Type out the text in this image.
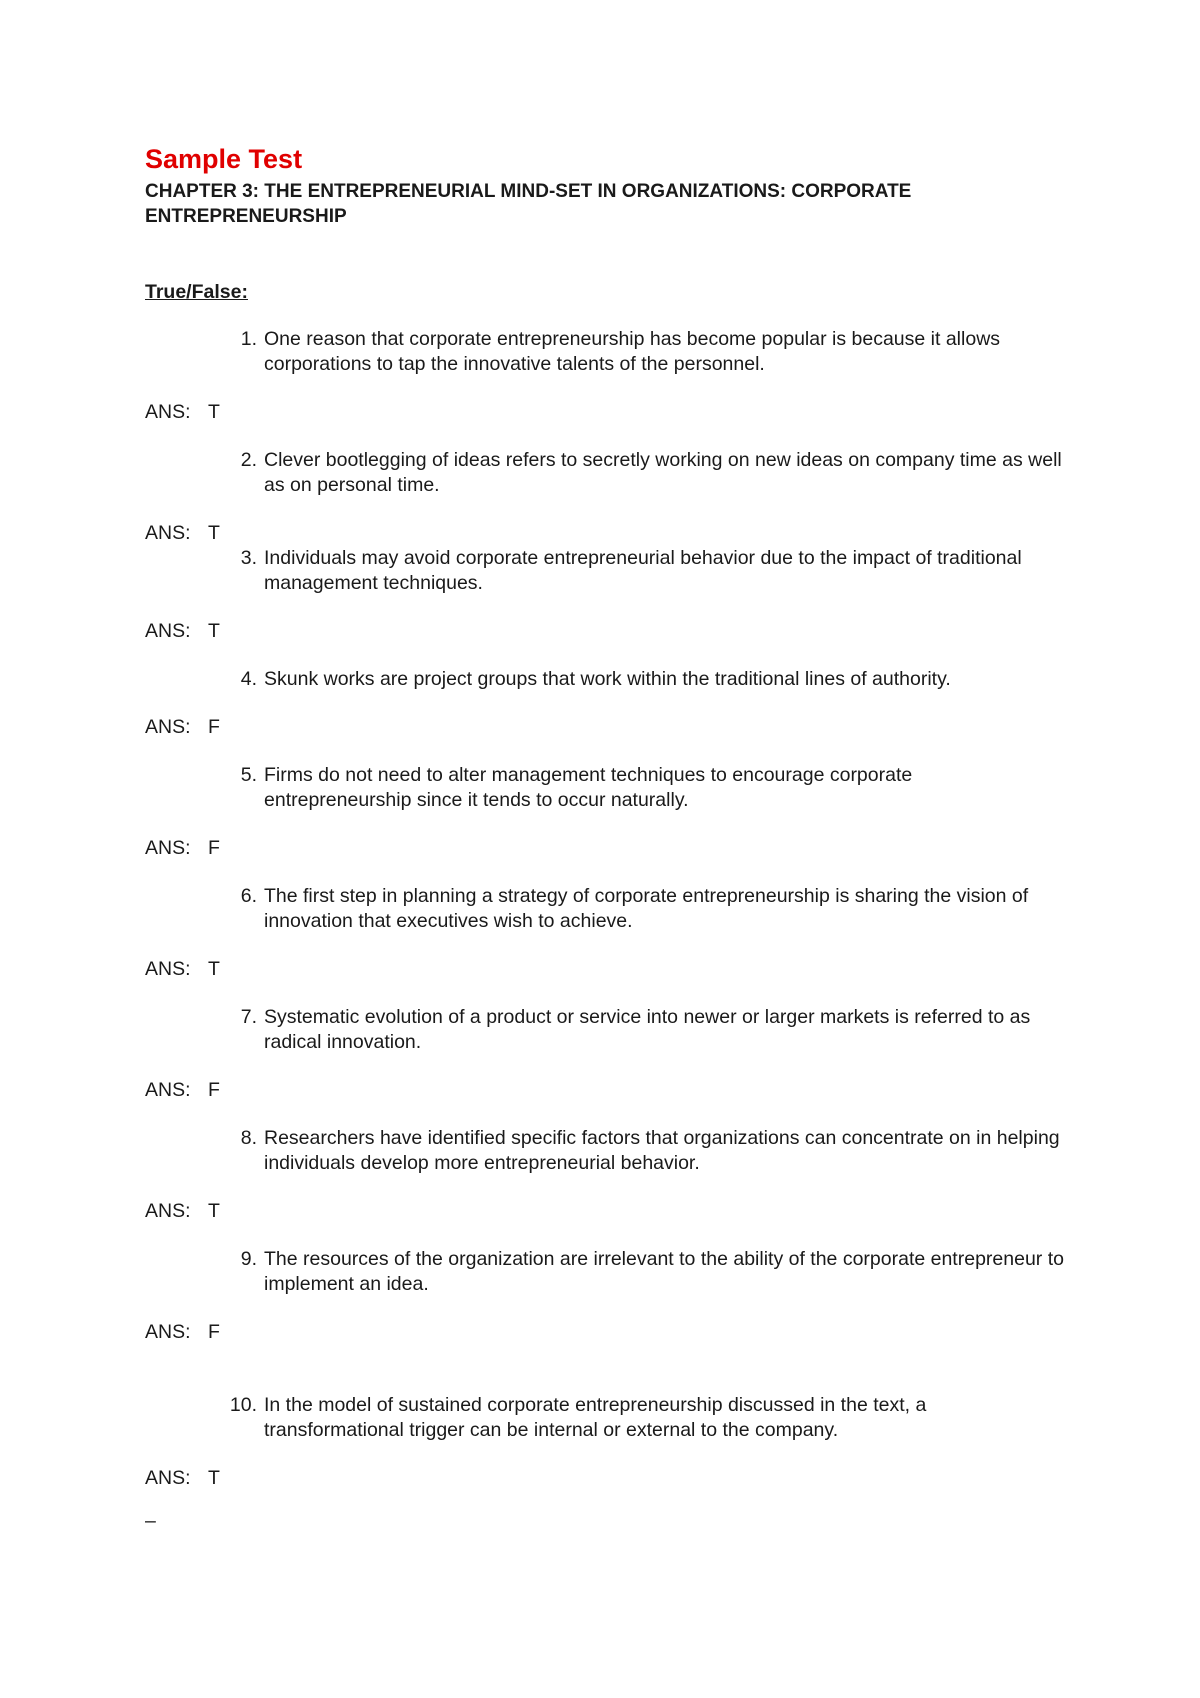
Sample Test
CHAPTER 3: THE ENTREPRENEURIAL MIND-SET IN ORGANIZATIONS: CORPORATE ENTREPRENEURSHIP
True/False:
1. One reason that corporate entrepreneurship has become popular is because it allows corporations to tap the innovative talents of the personnel.
ANS: T
2. Clever bootlegging of ideas refers to secretly working on new ideas on company time as well as on personal time.
ANS: T
3. Individuals may avoid corporate entrepreneurial behavior due to the impact of traditional management techniques.
ANS: T
4. Skunk works are project groups that work within the traditional lines of authority.
ANS: F
5. Firms do not need to alter management techniques to encourage corporate entrepreneurship since it tends to occur naturally.
ANS: F
6. The first step in planning a strategy of corporate entrepreneurship is sharing the vision of innovation that executives wish to achieve.
ANS: T
7. Systematic evolution of a product or service into newer or larger markets is referred to as radical innovation.
ANS: F
8. Researchers have identified specific factors that organizations can concentrate on in helping individuals develop more entrepreneurial behavior.
ANS: T
9. The resources of the organization are irrelevant to the ability of the corporate entrepreneur to implement an idea.
ANS: F
10. In the model of sustained corporate entrepreneurship discussed in the text, a transformational trigger can be internal or external to the company.
ANS: T
–
